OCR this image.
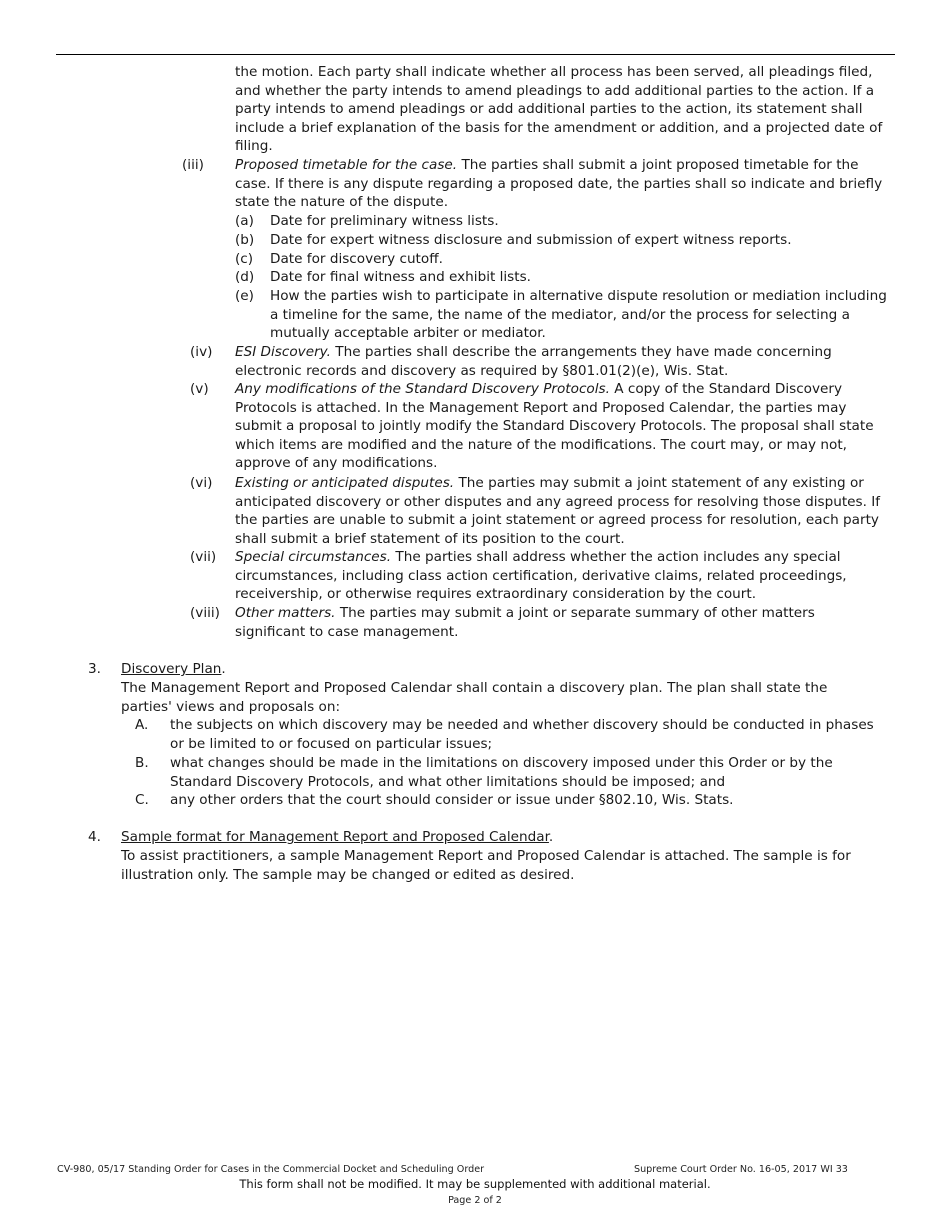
the motion. Each party shall indicate whether all process has been served, all pleadings filed, and whether the party intends to amend pleadings to add additional parties to the action. If a party intends to amend pleadings or add additional parties to the action, its statement shall include a brief explanation of the basis for the amendment or addition, and a projected date of filing.
(iii) Proposed timetable for the case. The parties shall submit a joint proposed timetable for the case. If there is any dispute regarding a proposed date, the parties shall so indicate and briefly state the nature of the dispute.
(a) Date for preliminary witness lists.
(b) Date for expert witness disclosure and submission of expert witness reports.
(c) Date for discovery cutoff.
(d) Date for final witness and exhibit lists.
(e) How the parties wish to participate in alternative dispute resolution or mediation including a timeline for the same, the name of the mediator, and/or the process for selecting a mutually acceptable arbiter or mediator.
(iv) ESI Discovery. The parties shall describe the arrangements they have made concerning electronic records and discovery as required by §801.01(2)(e), Wis. Stat.
(v) Any modifications of the Standard Discovery Protocols. A copy of the Standard Discovery Protocols is attached. In the Management Report and Proposed Calendar, the parties may submit a proposal to jointly modify the Standard Discovery Protocols. The proposal shall state which items are modified and the nature of the modifications. The court may, or may not, approve of any modifications.
(vi) Existing or anticipated disputes. The parties may submit a joint statement of any existing or anticipated discovery or other disputes and any agreed process for resolving those disputes. If the parties are unable to submit a joint statement or agreed process for resolution, each party shall submit a brief statement of its position to the court.
(vii) Special circumstances. The parties shall address whether the action includes any special circumstances, including class action certification, derivative claims, related proceedings, receivership, or otherwise requires extraordinary consideration by the court.
(viii) Other matters. The parties may submit a joint or separate summary of other matters significant to case management.
3. Discovery Plan.
The Management Report and Proposed Calendar shall contain a discovery plan. The plan shall state the parties' views and proposals on:
A. the subjects on which discovery may be needed and whether discovery should be conducted in phases or be limited to or focused on particular issues;
B. what changes should be made in the limitations on discovery imposed under this Order or by the Standard Discovery Protocols, and what other limitations should be imposed; and
C. any other orders that the court should consider or issue under §802.10, Wis. Stats.
4. Sample format for Management Report and Proposed Calendar.
To assist practitioners, a sample Management Report and Proposed Calendar is attached. The sample is for illustration only. The sample may be changed or edited as desired.
CV-980, 05/17 Standing Order for Cases in the Commercial Docket and Scheduling Order	Supreme Court Order No. 16-05, 2017 WI 33
This form shall not be modified. It may be supplemented with additional material.
Page 2 of 2
